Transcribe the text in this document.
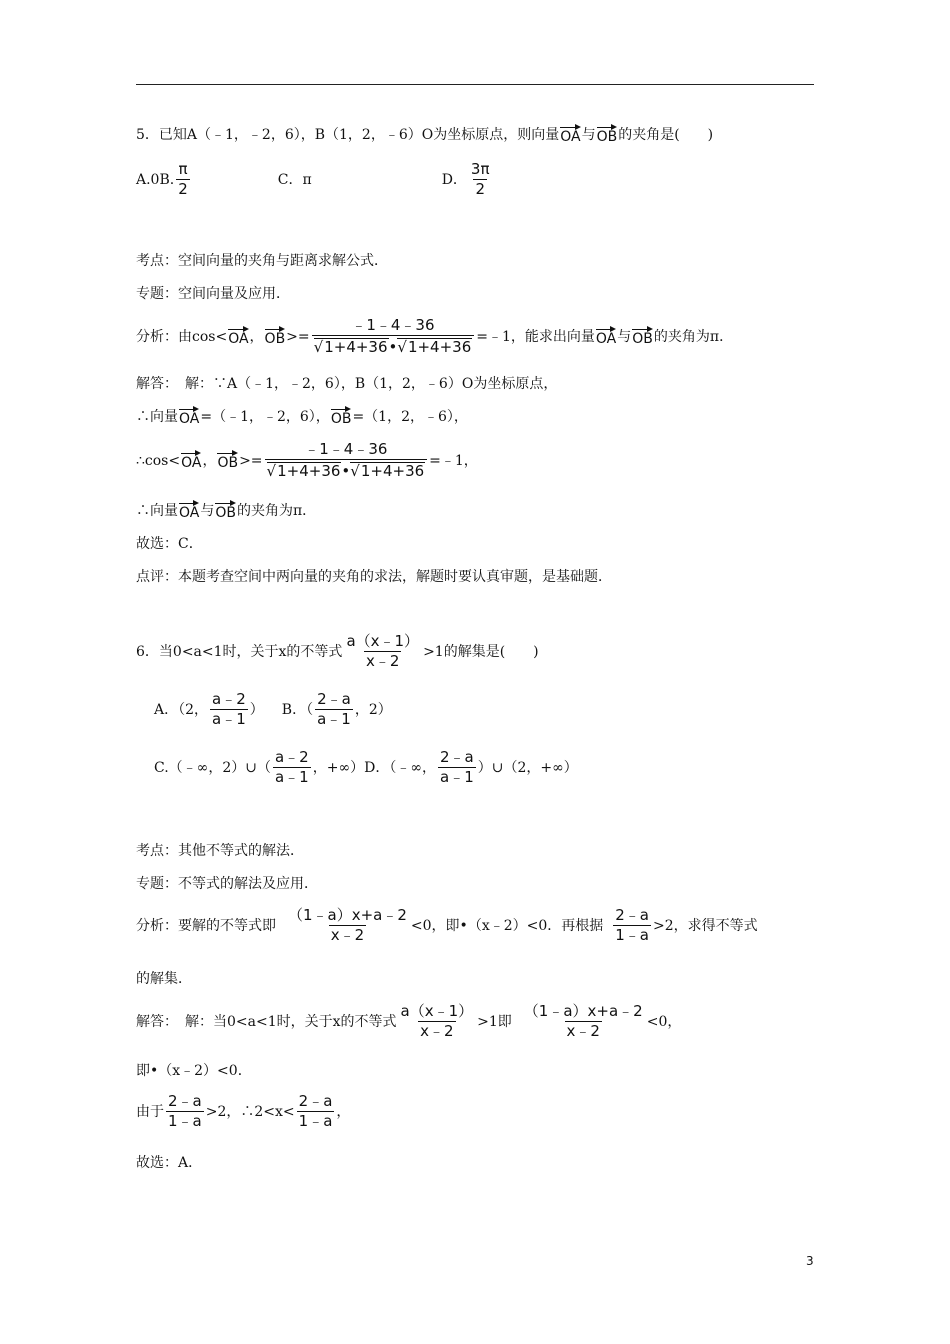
5．已知A（﹣1，﹣2，6），B（1，2，﹣6）O为坐标原点，则向量 OA 与 OB 的夹角是(　　)
A.0B. $\frac{\pi}{2}$	C．π	D． $\frac{3\pi}{2}$
考点：空间向量的夹角与距离求解公式．
专题：空间向量及应用．
分析：由cos< OA ， OB >= ﹣1﹣4﹣36
√ 1+4+36• √ 1+4+36 =﹣1，能求出向量 OA 与 OB 的夹角为π．
解答：　解：∵A（﹣1，﹣2，6），B（1，2，﹣6）O为坐标原点，
∴向量 OA =（﹣1，﹣2，6）， OB =（1，2，﹣6），
∴cos< OA ， OB >= ﹣1﹣4﹣36
√ 1+4+36• √ 1+4+36 =﹣1，
∴向量 OA 与 OB 的夹角为π．
故选：C．
点评：本题考查空间中两向量的夹角的求法，解题时要认真审题，是基础题．
6．当0<a<1时，关于x的不等式 $\frac{a(x﹣1)}{x﹣2} >1$的解集是(　　)
A．（2， $\frac{a﹣2}{a﹣1}$ ） B．（ $\frac{2﹣a}{a﹣1}$ ，2）
C.（﹣∞，2）∪（ $\frac{a﹣2}{a﹣1}$ ，+∞） D．（﹣∞， $\frac{2﹣a}{a﹣1}$ ）∪（2，+∞）
考点：其他不等式的解法．
专题：不等式的解法及应用．
分析：要解的不等式即 $\frac{(1﹣a)x+a﹣2}{x﹣2} <0$，即•（x﹣2）<0．再根据 $\frac{2﹣a}{1﹣a} >2$，求得不等式
的解集．
解答：　解：当0<a<1时，关于x的不等式 $\frac{a(x﹣1)}{x﹣2} >1$即 $\frac{(1﹣a)x+a﹣2}{x﹣2} <0$，
即•（x﹣2）<0．
由于 $\frac{2﹣a}{1﹣a} >2$，∴2<x< $\frac{2﹣a}{1﹣a}$ ，
故选：A．
3
